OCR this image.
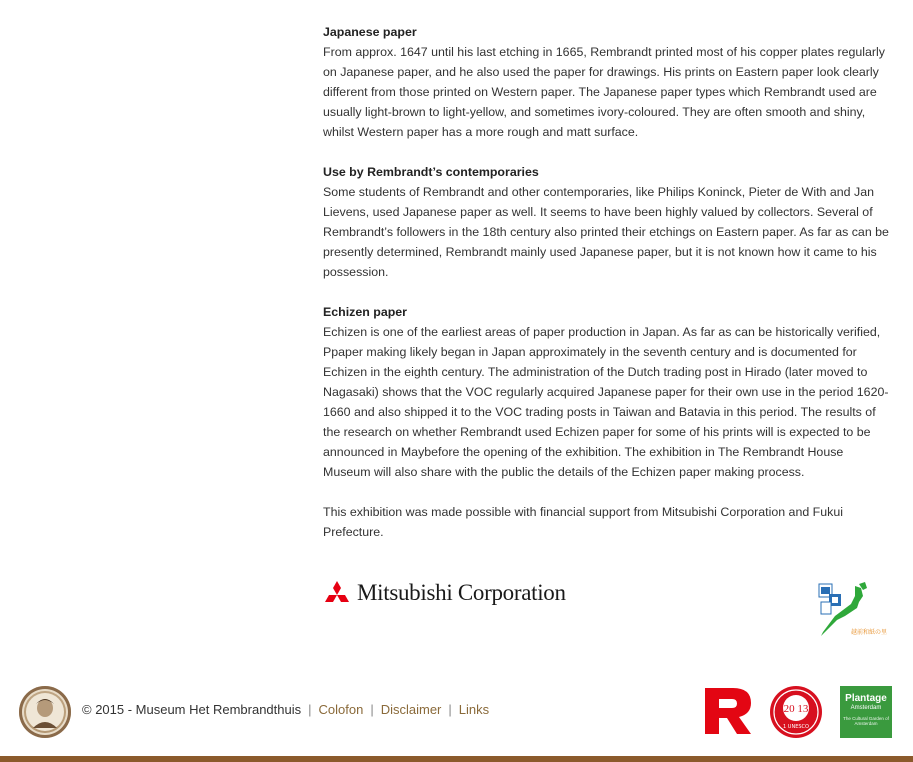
Japanese paper

From approx. 1647 until his last etching in 1665, Rembrandt printed most of his copper plates regularly on Japanese paper, and he also used the paper for drawings. His prints on Eastern paper look clearly different from those printed on Western paper. The Japanese paper types which Rembrandt used are usually light-brown to light-yellow, and sometimes ivory-coloured. They are often smooth and shiny, whilst Western paper has a more rough and matt surface.

Use by Rembrandt’s contemporaries

Some students of Rembrandt and other contemporaries, like Philips Koninck, Pieter de With and Jan Lievens, used Japanese paper as well. It seems to have been highly valued by collectors. Several of Rembrandt’s followers in the 18th century also printed their etchings on Eastern paper. As far as can be presently determined, Rembrandt mainly used Japanese paper, but it is not known how it came to his possession.

Echizen paper

Echizen is one of the earliest areas of paper production in Japan. As far as can be historically verified, Ppaper making likely began in Japan approximately in the seventh century and is documented for Echizen in the eighth century. The administration of the Dutch trading post in Hirado (later moved to Nagasaki) shows that the VOC regularly acquired Japanese paper for their own use in the period 1620-1660 and also shipped it to the VOC trading posts in Taiwan and Batavia in this period. The results of the research on whether Rembrandt used Echizen paper for some of his prints will is expected to be announced in Maybefore the opening of the exhibition. The exhibition in The Rembrandt House Museum will also share with the public the details of the Echizen paper making process.

This exhibition was made possible with financial support from Mitsubishi Corporation and Fukui Prefecture.

Mitsubishi Corporation
越前和紙の里
© 2015 - Museum Het Rembrandthuis | Colofon | Disclaimer | Links	20 13
1 UNESCO
Plantage
Amsterdam
The Cultural Garden of Amsterdam
